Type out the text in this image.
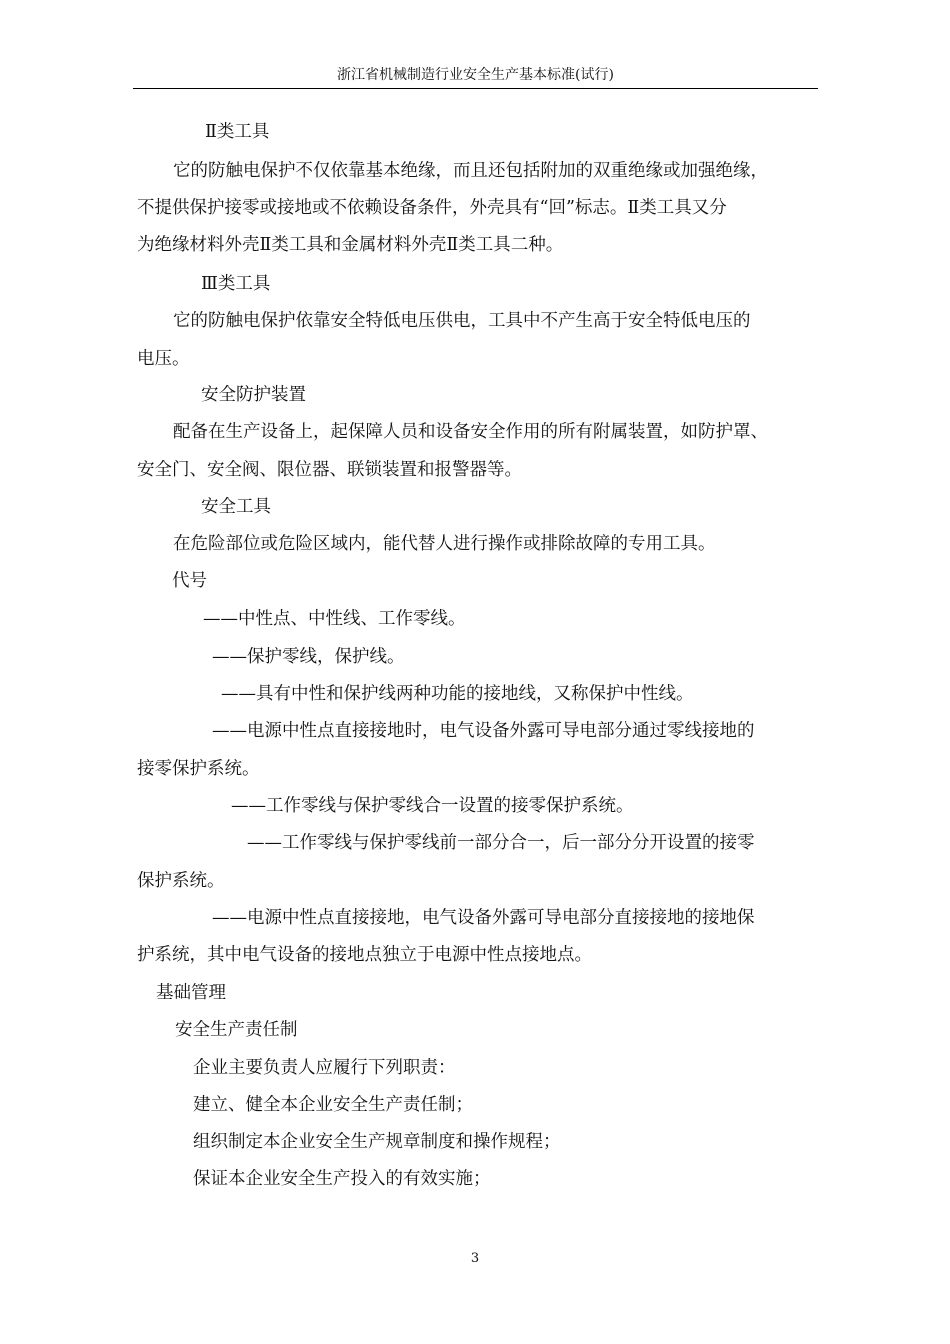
浙江省机械制造行业安全生产基本标准(试行)
Ⅱ类工具
它的防触电保护不仅依靠基本绝缘，而且还包括附加的双重绝缘或加强绝缘，
不提供保护接零或接地或不依赖设备条件，外壳具有“回”标志。Ⅱ类工具又分
为绝缘材料外壳Ⅱ类工具和金属材料外壳Ⅱ类工具二种。
Ⅲ类工具
它的防触电保护依靠安全特低电压供电，工具中不产生高于安全特低电压的
电压。
安全防护装置
配备在生产设备上，起保障人员和设备安全作用的所有附属装置，如防护罩、
安全门、安全阀、限位器、联锁装置和报警器等。
安全工具
在危险部位或危险区域内，能代替人进行操作或排除故障的专用工具。
代号
——中性点、中性线、工作零线。
——保护零线，保护线。
——具有中性和保护线两种功能的接地线，又称保护中性线。
——电源中性点直接接地时，电气设备外露可导电部分通过零线接地的
接零保护系统。
——工作零线与保护零线合一设置的接零保护系统。
——工作零线与保护零线前一部分合一，后一部分分开设置的接零
保护系统。
——电源中性点直接接地，电气设备外露可导电部分直接接地的接地保
护系统，其中电气设备的接地点独立于电源中性点接地点。
基础管理
安全生产责任制
企业主要负责人应履行下列职责：
建立、健全本企业安全生产责任制；
组织制定本企业安全生产规章制度和操作规程；
保证本企业安全生产投入的有效实施；
3
